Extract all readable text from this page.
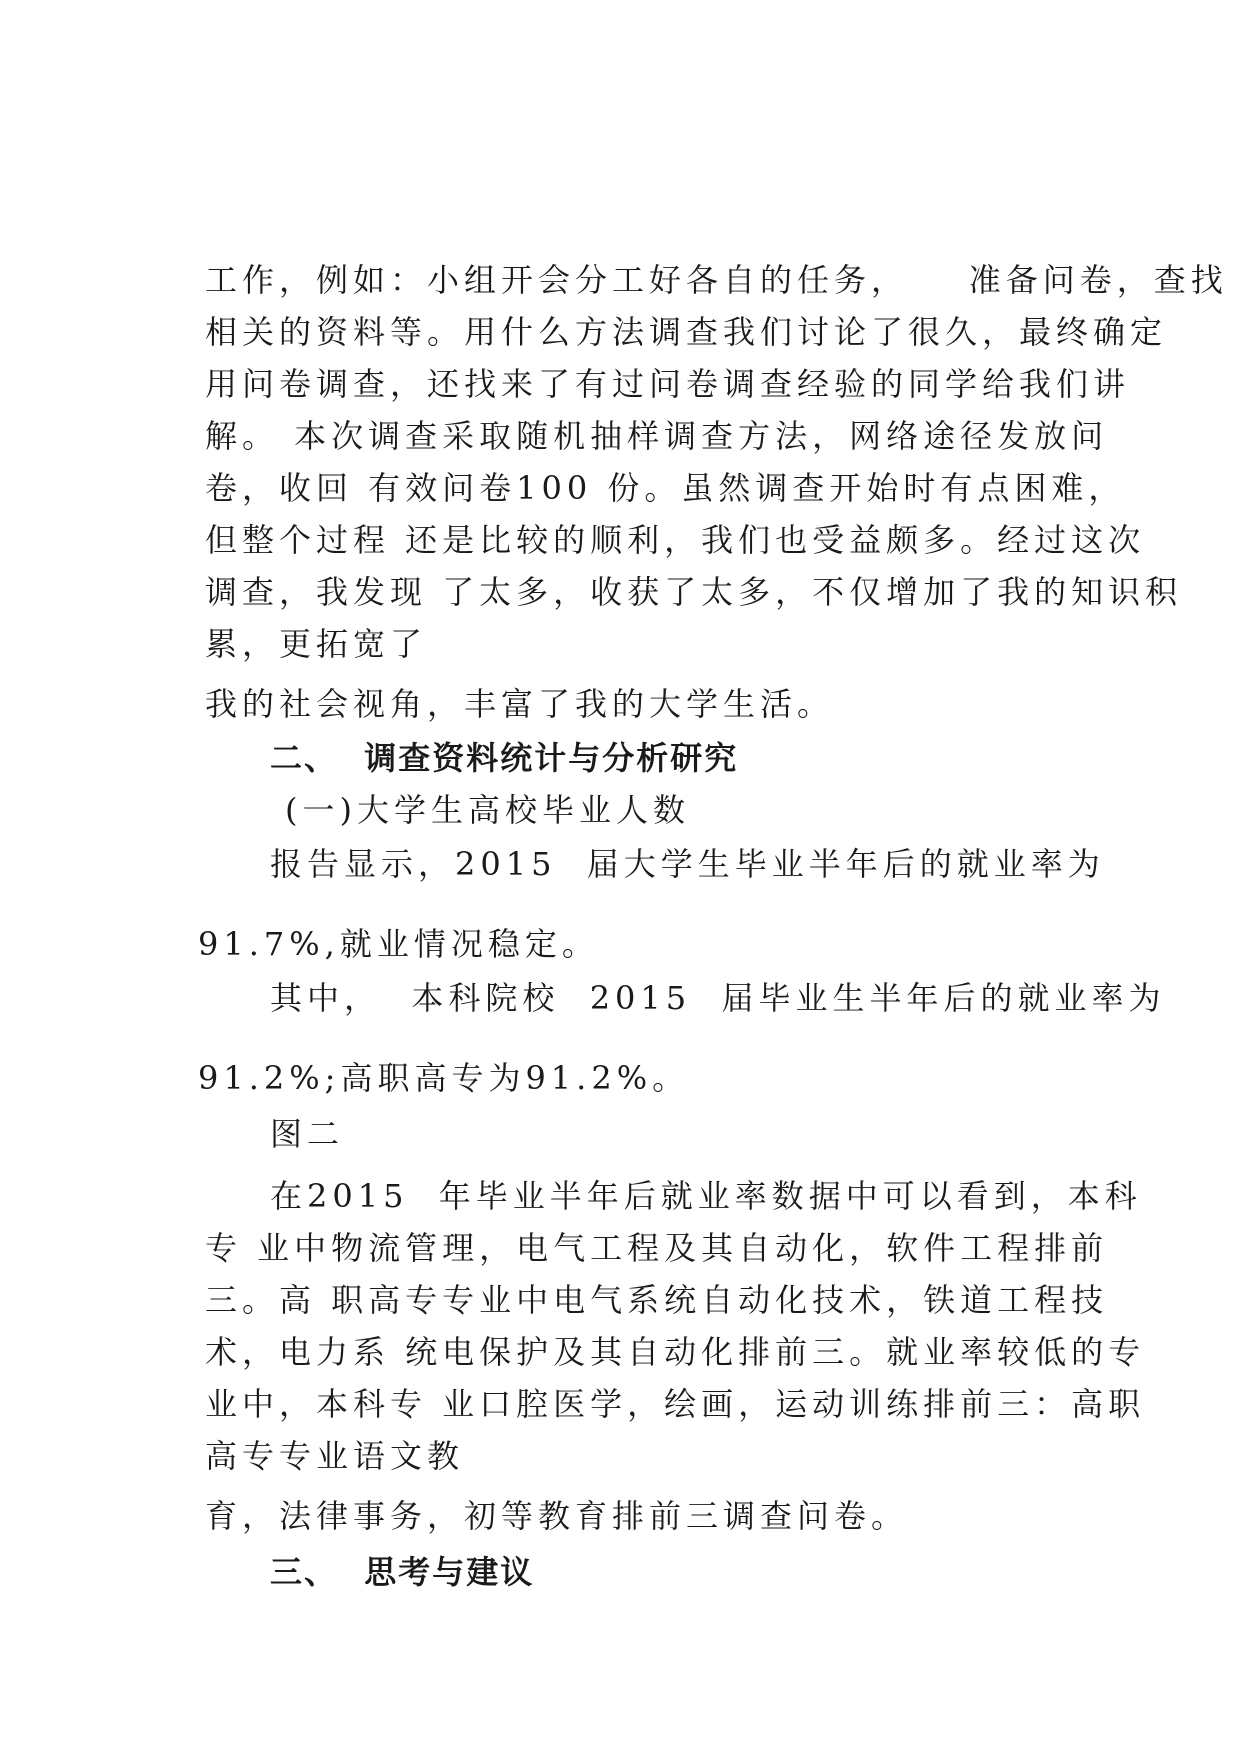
工作，例如：小组开会分工好各自的任务，    准备问卷，查找
相关的资料等。用什么方法调查我们讨论了很久，最终确定
用问卷调查，还找来了有过问卷调查经验的同学给我们讲
解。 本次调查采取随机抽样调查方法，网络途径发放问
卷，收回 有效问卷100 份。虽然调查开始时有点困难，
但整个过程 还是比较的顺利，我们也受益颇多。经过这次
调查，我发现 了太多，收获了太多，不仅增加了我的知识积
累，更拓宽了
我的社会视角，丰富了我的大学生活。
二、  调查资料统计与分析研究
(一)大学生高校毕业人数
报告显示，2015  届大学生毕业半年后的就业率为
91.7%,就业情况稳定。
其中，  本科院校  2015  届毕业生半年后的就业率为
91.2%;高职高专为91.2%。
图二
在2015  年毕业半年后就业率数据中可以看到，本科
专 业中物流管理，电气工程及其自动化，软件工程排前
三。高 职高专专业中电气系统自动化技术，铁道工程技
术，电力系 统电保护及其自动化排前三。就业率较低的专
业中，本科专 业口腔医学，绘画，运动训练排前三：高职
高专专业语文教
育，法律事务，初等教育排前三调查问卷。
三、  思考与建议
